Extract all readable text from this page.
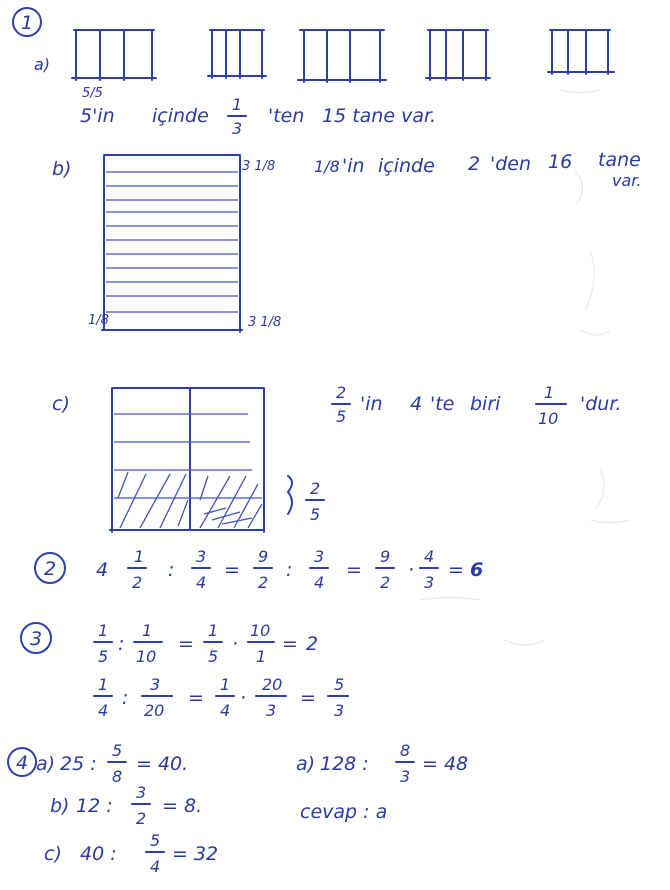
1
a)
5/5
5'in içinde
1
3
'ten 15 tane var.
b)	3 1/8
1/8	3 1/8
1/8 'in içinde 2 'den 16 tane
var.
c)
2
5
2
5
'in 4 'te biri
1
10
'dur.
2 4
1
2
:
3
4
=
9
2
:
3
4
=
9
2
·
4
3
= 6
3	1
5
:
1
10
=
1
5
·
10
1
= 2
1
4
:
3
20
=
1
4
·
20
3
=
5
3
4 a) 25 :
5
8
= 40.
b) 12 :
3
2
= 8.
c) 40 :
5
4
= 32
a) 128 :
8
3
= 48
cevap : a
